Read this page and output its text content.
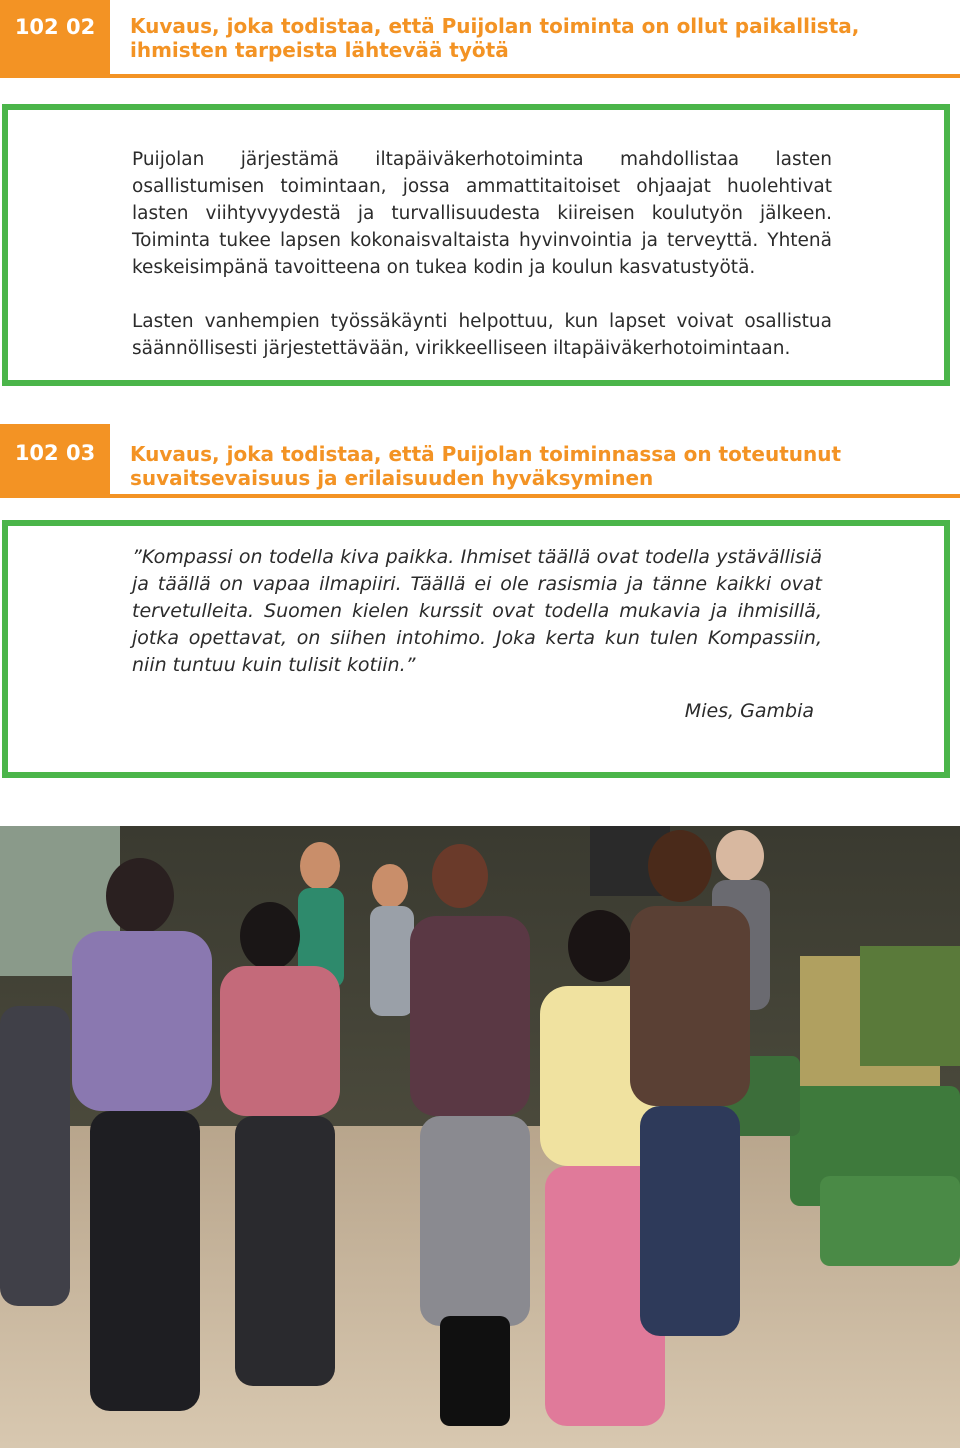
102 02	Kuvaus, joka todistaa, että Puijolan toiminta on ollut paikallista, ihmisten tarpeista lähtevää työtä

Puijolan järjestämä iltapäiväkerhotoiminta mahdollistaa lasten osallistumisen toimintaan, jossa ammattitaitoiset ohjaajat huolehtivat lasten viihtyvyydestä ja turvallisuudesta kiireisen koulutyön jälkeen. Toiminta tukee lapsen kokonaisvaltaista hyvinvointia ja terveyttä. Yhtenä keskeisimpänä tavoitteena on tukea kodin ja koulun kasvatustyötä.

Lasten vanhempien työssäkäynti helpottuu, kun lapset voivat osallistua säännöllisesti järjestettävään, virikkeelliseen iltapäiväkerhotoimintaan.

102 03	Kuvaus, joka todistaa, että Puijolan toiminnassa on toteutunut suvaitsevaisuus ja erilaisuuden hyväksyminen

”Kompassi on todella kiva paikka. Ihmiset täällä ovat todella ystävällisiä ja täällä on vapaa ilmapiiri. Täällä ei ole rasismia ja tänne kaikki ovat tervetulleita. Suomen kielen kurssit ovat todella mukavia ja ihmisillä, jotka opettavat, on siihen intohimo. Joka kerta kun tulen Kompassiin, niin tuntuu kuin tulisit kotiin.”

Mies, Gambia
